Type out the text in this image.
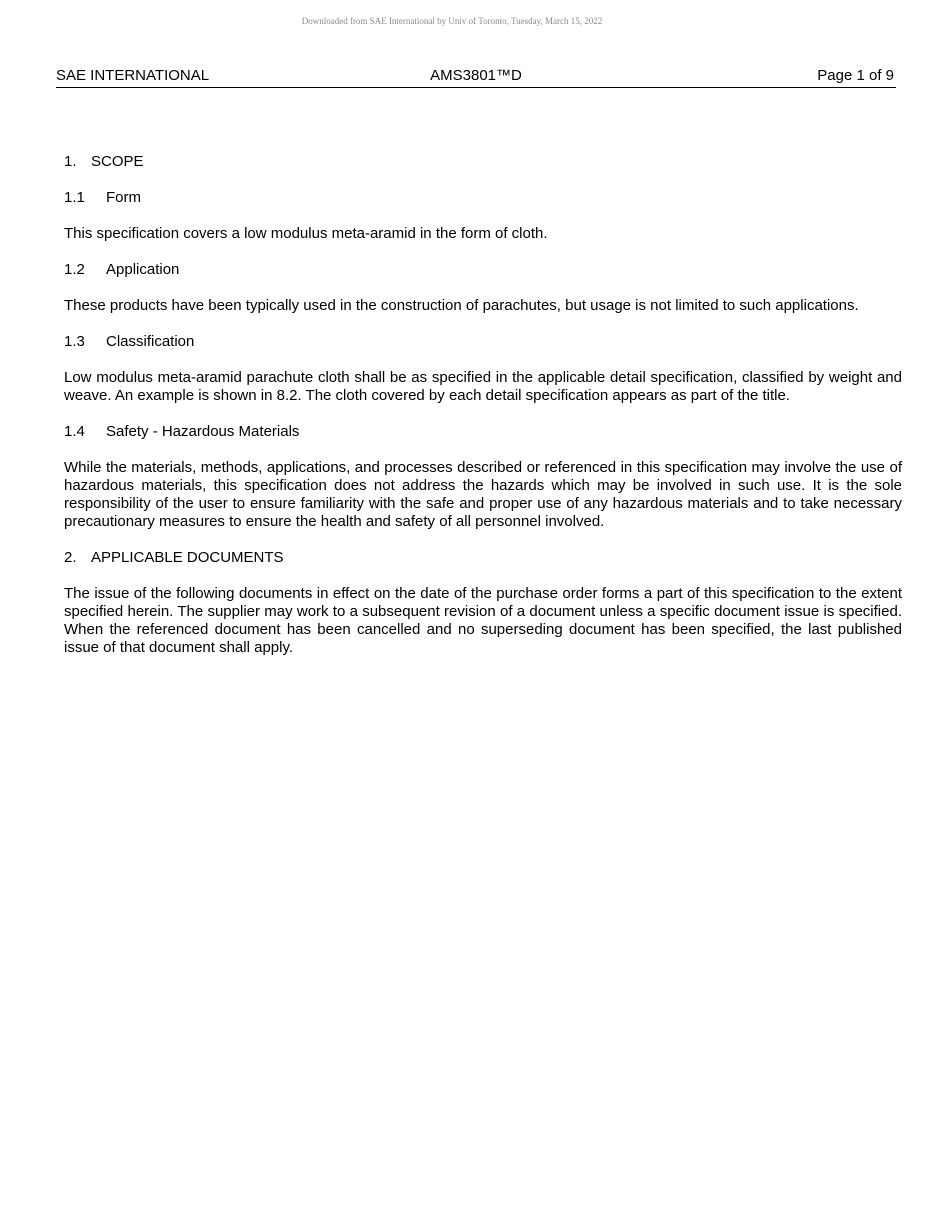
Downloaded from SAE International by Univ of Toronto, Tuesday, March 15, 2022
AMS3801™D
SAE INTERNATIONAL	Page 1 of 9
1. SCOPE
1.1 Form

This specification covers a low modulus meta-aramid in the form of cloth.

1.2 Application

These products have been typically used in the construction of parachutes, but usage is not limited to such applications.

1.3 Classification

Low modulus meta-aramid parachute cloth shall be as specified in the applicable detail specification, classified by weight and weave. An example is shown in 8.2. The cloth covered by each detail specification appears as part of the title.

1.4 Safety - Hazardous Materials

While the materials, methods, applications, and processes described or referenced in this specification may involve the use of hazardous materials, this specification does not address the hazards which may be involved in such use. It is the sole responsibility of the user to ensure familiarity with the safe and proper use of any hazardous materials and to take necessary precautionary measures to ensure the health and safety of all personnel involved.

2. APPLICABLE DOCUMENTS

The issue of the following documents in effect on the date of the purchase order forms a part of this specification to the extent specified herein. The supplier may work to a subsequent revision of a document unless a specific document issue is specified. When the referenced document has been cancelled and no superseding document has been specified, the last published issue of that document shall apply.
